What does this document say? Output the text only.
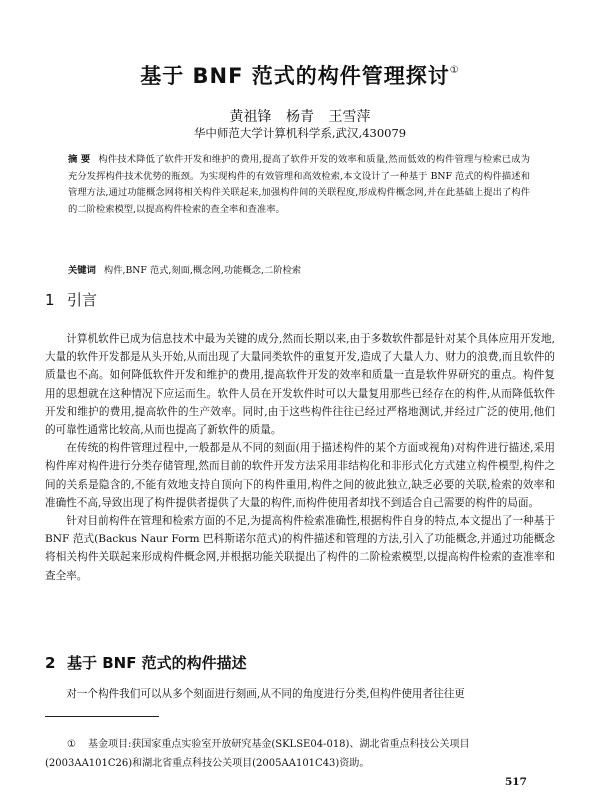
基于 BNF 范式的构件管理探讨①
黄祖锋 杨青 王雪萍
华中师范大学计算机科学系,武汉,430079
摘 要 构件技术降低了软件开发和维护的费用,提高了软件开发的效率和质量,然而低效的构件管理与检索已成为充分发挥构件技术优势的瓶颈。为实现构件的有效管理和高效检索,本文设计了一种基于 BNF 范式的构件描述和管理方法,通过功能概念网将相关构件关联起来,加强构件间的关联程度,形成构件概念网,并在此基础上提出了构件的二阶检索模型,以提高构件检索的查全率和查准率。
关键词 构件,BNF 范式,刻面,概念网,功能概念,二阶检索
1 引言

计算机软件已成为信息技术中最为关键的成分,然而长期以来,由于多数软件都是针对某个具体应用开发地,大量的软件开发都是从头开始,从而出现了大量同类软件的重复开发,造成了大量人力、财力的浪费,而且软件的质量也不高。如何降低软件开发和维护的费用,提高软件开发的效率和质量一直是软件界研究的重点。构件复用的思想就在这种情况下应运而生。软件人员在开发软件时可以大量复用那些已经存在的构件,从而降低软件开发和维护的费用,提高软件的生产效率。同时,由于这些构件往往已经过严格地测试,并经过广泛的使用,他们的可靠性通常比较高,从而也提高了新软件的质量。

在传统的构件管理过程中,一般都是从不同的刻面(用于描述构件的某个方面或视角)对构件进行描述,采用构件库对构件进行分类存储管理,然而目前的软件开发方法采用非结构化和非形式化方式建立构件模型,构件之间的关系是隐含的,不能有效地支持自顶向下的构件重用,构件之间的彼此独立,缺乏必要的关联,检索的效率和准确性不高,导致出现了构件提供者提供了大量的构件,而构件使用者却找不到适合自己需要的构件的局面。

针对目前构件在管理和检索方面的不足,为提高构件检索准确性,根据构件自身的特点,本文提出了一种基于 BNF 范式(Backus Naur Form 巴科斯诺尔范式)的构件描述和管理的方法,引入了功能概念,并通过功能概念将相关构件关联起来形成构件概念网,并根据功能关联提出了构件的二阶检索模型,以提高构件检索的查准率和查全率。

2 基于 BNF 范式的构件描述

对一个构件我们可以从多个刻面进行刻画,从不同的角度进行分类,但构件使用者往往更

① 基金项目:获国家重点实验室开放研究基金(SKLSE04-018)、湖北省重点科技公关项目(2003AA101C26)和湖北省重点科技公关项目(2005AA101C43)资助。
517
